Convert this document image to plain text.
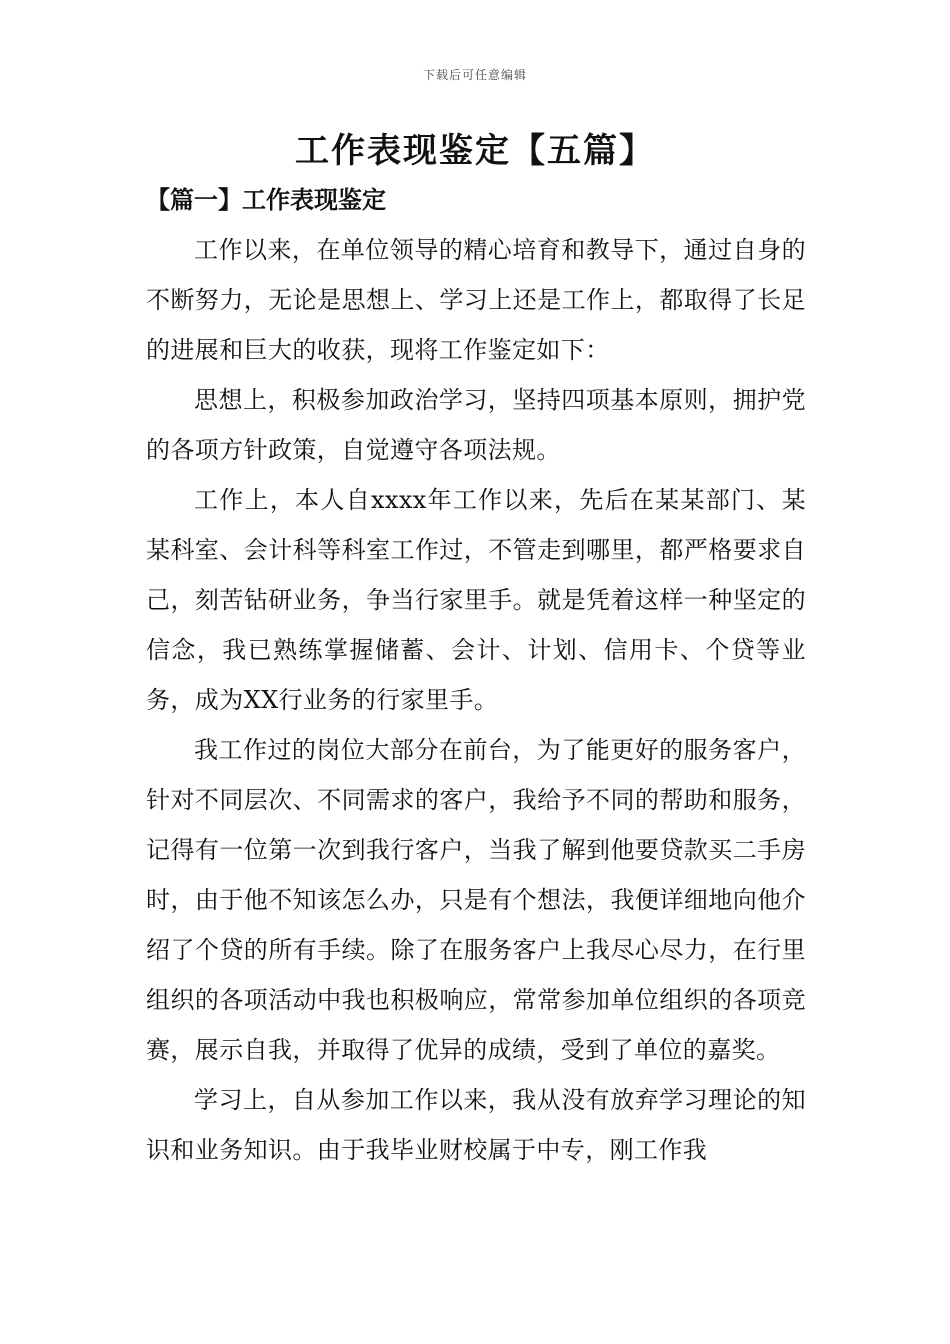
下载后可任意编辑
工作表现鉴定【五篇】
【篇一】工作表现鉴定

工作以来，在单位领导的精心培育和教导下，通过自身的不断努力，无论是思想上、学习上还是工作上，都取得了长足的进展和巨大的收获，现将工作鉴定如下：

思想上，积极参加政治学习，坚持四项基本原则，拥护党的各项方针政策，自觉遵守各项法规。

工作上，本人自xxxx年工作以来，先后在某某部门、某某科室、会计科等科室工作过，不管走到哪里，都严格要求自己，刻苦钻研业务，争当行家里手。就是凭着这样一种坚定的信念，我已熟练掌握储蓄、会计、计划、信用卡、个贷等业务，成为XX行业务的行家里手。

我工作过的岗位大部分在前台，为了能更好的服务客户，针对不同层次、不同需求的客户，我给予不同的帮助和服务，记得有一位第一次到我行客户，当我了解到他要贷款买二手房时，由于他不知该怎么办，只是有个想法，我便详细地向他介绍了个贷的所有手续。除了在服务客户上我尽心尽力，在行里组织的各项活动中我也积极响应，常常参加单位组织的各项竞赛，展示自我，并取得了优异的成绩，受到了单位的嘉奖。

学习上，自从参加工作以来，我从没有放弃学习理论的知识和业务知识。由于我毕业财校属于中专，刚工作我
